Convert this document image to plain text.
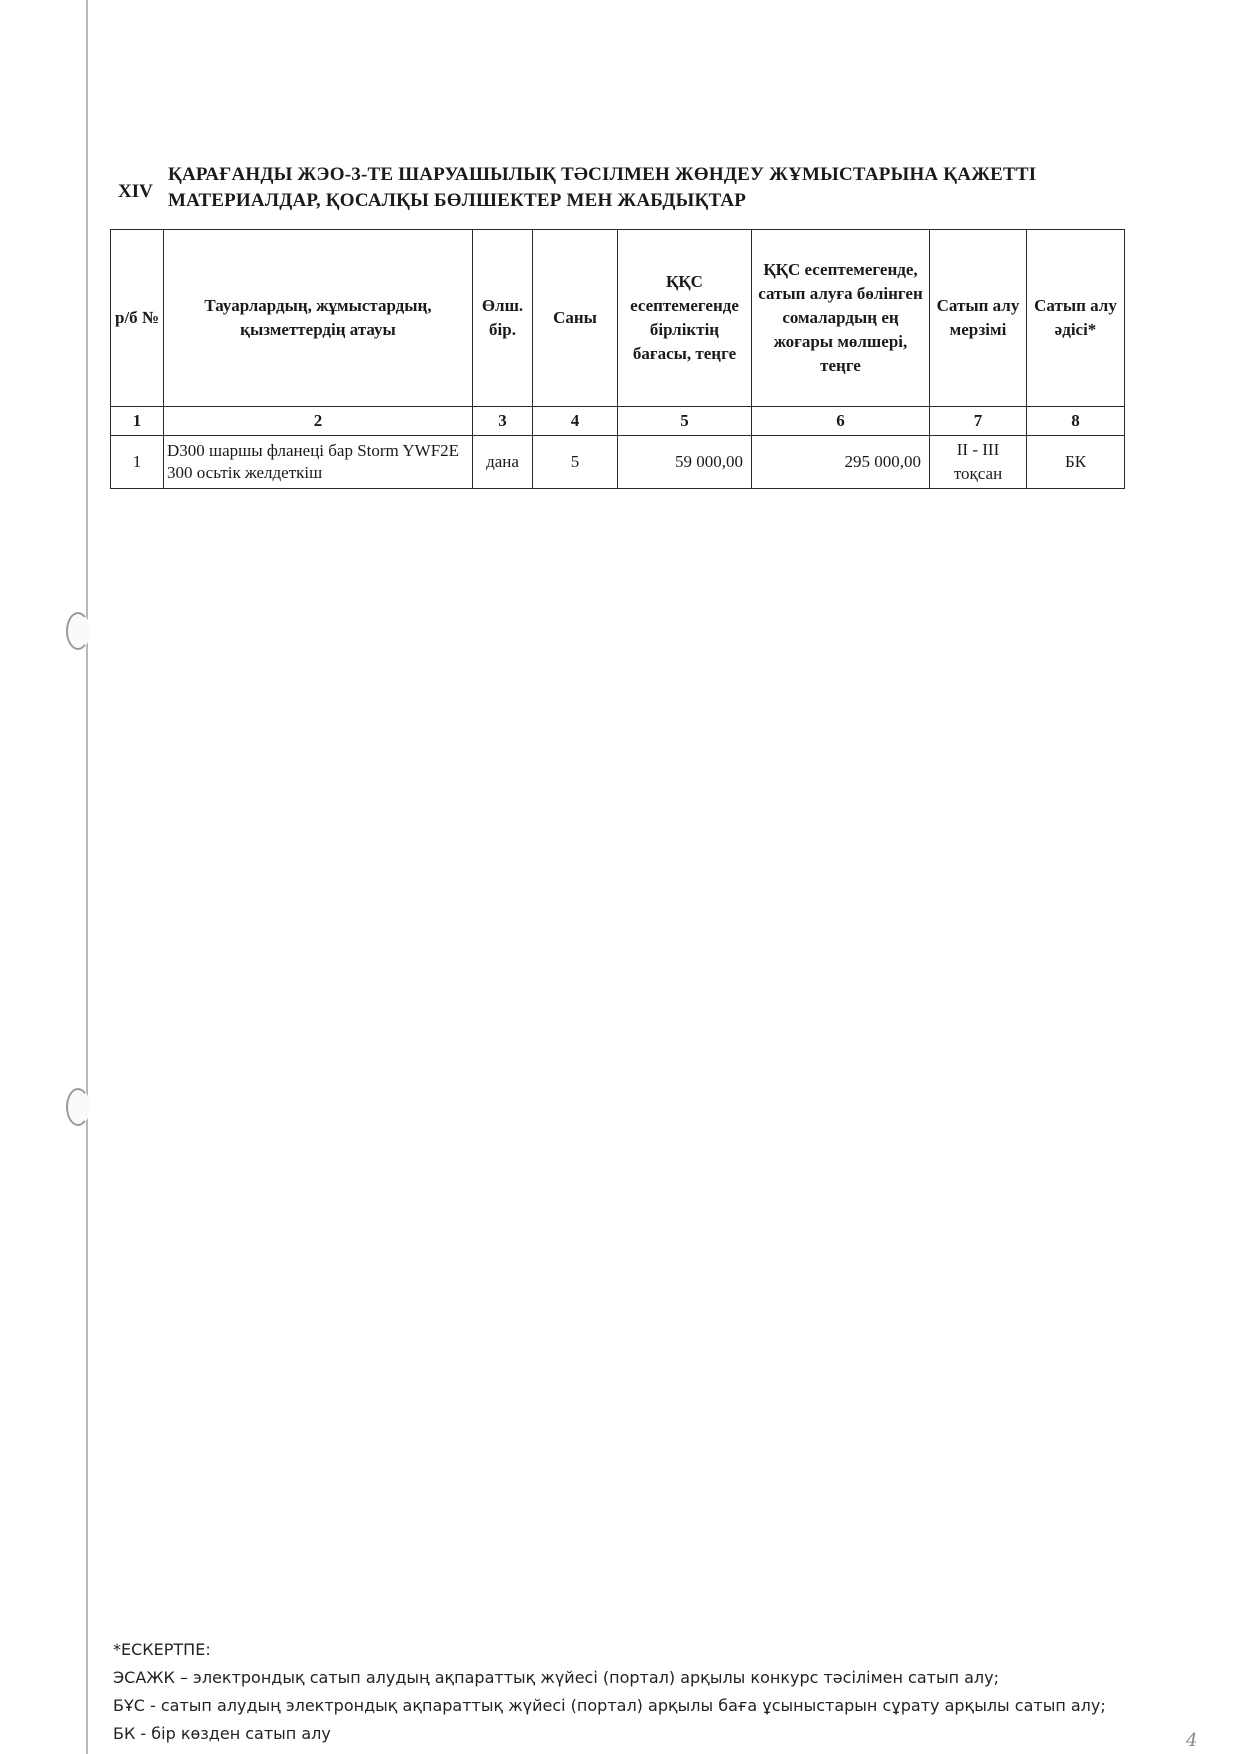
XIV
ҚАРАҒАНДЫ ЖЭО-3-ТЕ ШАРУАШЫЛЫҚ ТӘСІЛМЕН ЖӨНДЕУ ЖҰМЫСТАРЫНА ҚАЖЕТТІ
МАТЕРИАЛДАР, ҚОСАЛҚЫ БӨЛШЕКТЕР МЕН ЖАБДЫҚТАР
р/б №	Тауарлардың, жұмыстардың, қызметтердің атауы	Өлш. бір.	Саны	ҚҚС есептемегенде бірліктің бағасы, теңге	ҚҚС есептемегенде, сатып алуға бөлінген сомалардың ең жоғары мөлшері, теңге	Сатып алу мерзімі	Сатып алу әдісі*
1	2	3	4	5	6	7	8
1	D300 шаршы фланеці бар Storm YWF2E 300 осьтік желдеткіш	дана	5	59 000,00	295 000,00	II - III тоқсан	БК

*ЕСКЕРТПЕ:

ЭСАЖК – электрондық сатып алудың ақпараттық жүйесі (портал) арқылы конкурс тәсілімен сатып алу;

БҰС - сатып алудың электрондық ақпараттық жүйесі (портал) арқылы баға ұсыныстарын сұрату арқылы сатып алу;

БК - бір көзден сатып алу	4
